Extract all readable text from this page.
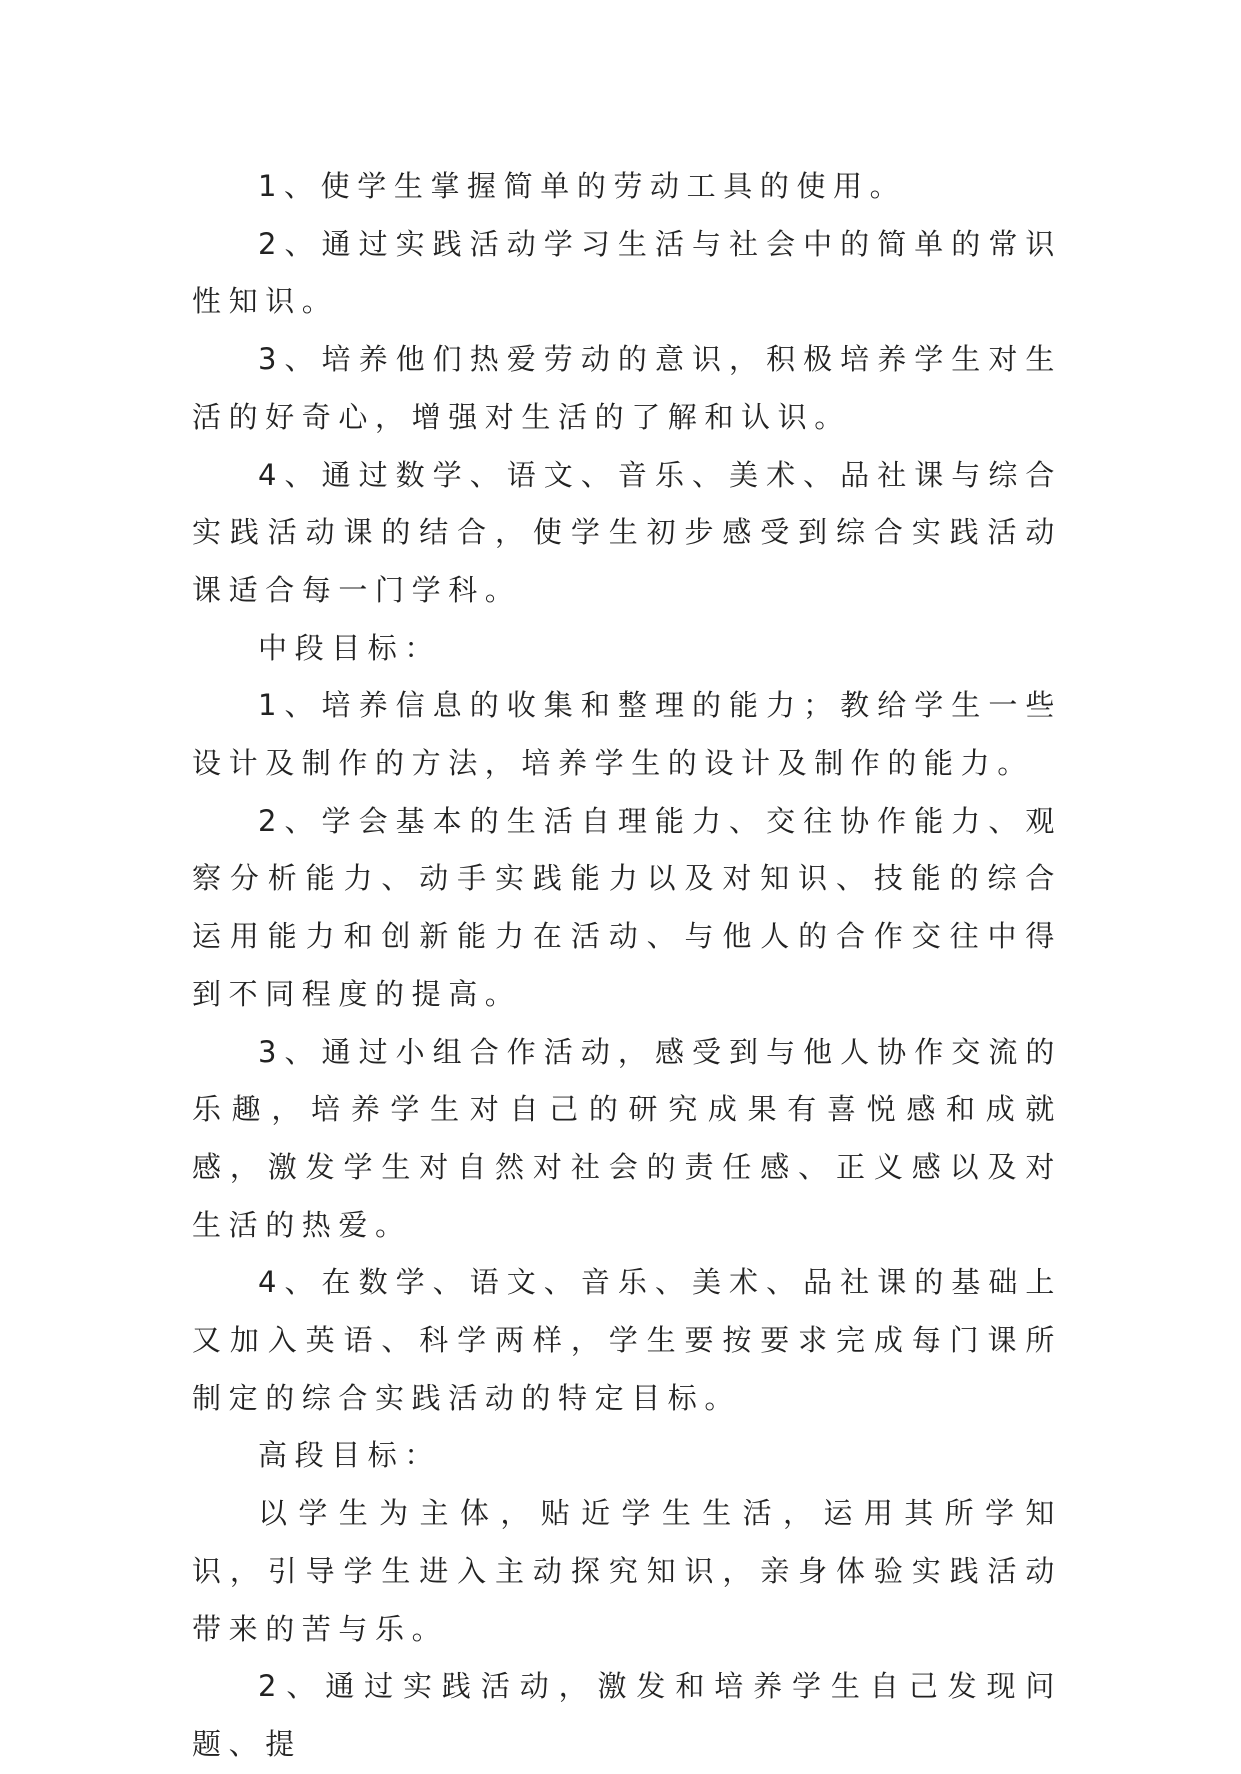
1、使学生掌握简单的劳动工具的使用。

2、通过实践活动学习生活与社会中的简单的常识性知识。

3、培养他们热爱劳动的意识，积极培养学生对生活的好奇心，增强对生活的了解和认识。

4、通过数学、语文、音乐、美术、品社课与综合实践活动课的结合，使学生初步感受到综合实践活动课适合每一门学科。

中段目标：

1、培养信息的收集和整理的能力；教给学生一些设计及制作的方法，培养学生的设计及制作的能力。

2、学会基本的生活自理能力、交往协作能力、观察分析能力、动手实践能力以及对知识、技能的综合运用能力和创新能力在活动、与他人的合作交往中得到不同程度的提高。

3、通过小组合作活动，感受到与他人协作交流的乐趣，培养学生对自己的研究成果有喜悦感和成就感，激发学生对自然对社会的责任感、正义感以及对生活的热爱。

4、在数学、语文、音乐、美术、品社课的基础上又加入英语、科学两样，学生要按要求完成每门课所制定的综合实践活动的特定目标。

高段目标：

以学生为主体，贴近学生生活，运用其所学知识，引导学生进入主动探究知识，亲身体验实践活动带来的苦与乐。

2、通过实践活动，激发和培养学生自己发现问题、提
